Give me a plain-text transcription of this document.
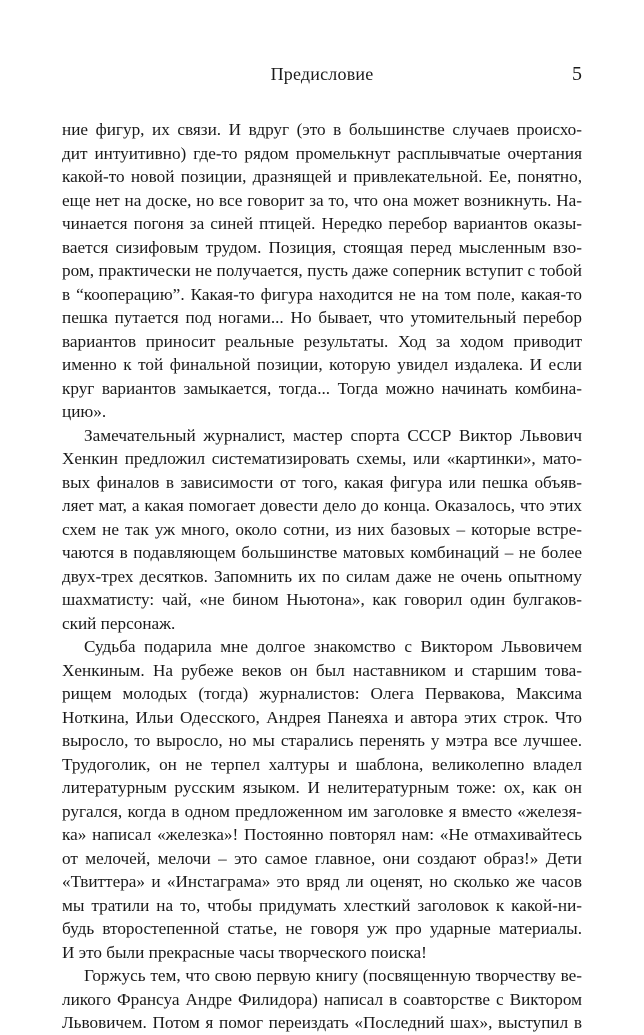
Предисловие	5
ние фигур, их связи. И вдруг (это в большинстве случаев происхо-
дит интуитивно) где-то рядом промелькнут расплывчатые очертания
какой-то новой позиции, дразнящей и привлекательной. Ее, понятно,
еще нет на доске, но все говорит за то, что она может возникнуть. На-
чинается погоня за синей птицей. Нередко перебор вариантов оказы-
вается сизифовым трудом. Позиция, стоящая перед мысленным взо-
ром, практически не получается, пусть даже соперник вступит с тобой
в “кооперацию”. Какая-то фигура находится не на том поле, какая-то
пешка путается под ногами... Но бывает, что утомительный перебор
вариантов приносит реальные результаты. Ход за ходом приводит
именно к той финальной позиции, которую увидел издалека. И если
круг вариантов замыкается, тогда... Тогда можно начинать комбина-
цию».
Замечательный журналист, мастер спорта СССР Виктор Львович
Хенкин предложил систематизировать схемы, или «картинки», мато-
вых финалов в зависимости от того, какая фигура или пешка объяв-
ляет мат, а какая помогает довести дело до конца. Оказалось, что этих
схем не так уж много, около сотни, из них базовых – которые встре-
чаются в подавляющем большинстве матовых комбинаций – не более
двух-трех десятков. Запомнить их по силам даже не очень опытному
шахматисту: чай, «не бином Ньютона», как говорил один булгаков-
ский персонаж.
Судьба подарила мне долгое знакомство с Виктором Львовичем
Хенкиным. На рубеже веков он был наставником и старшим това-
рищем молодых (тогда) журналистов: Олега Первакова, Максима
Ноткина, Ильи Одесского, Андрея Панеяха и автора этих строк. Что
выросло, то выросло, но мы старались перенять у мэтра все лучшее.
Трудоголик, он не терпел халтуры и шаблона, великолепно владел
литературным русским языком. И нелитературным тоже: ох, как он
ругался, когда в одном предложенном им заголовке я вместо «железя-
ка» написал «железка»! Постоянно повторял нам: «Не отмахивайтесь
от мелочей, мелочи – это самое главное, они создают образ!» Дети
«Твиттера» и «Инстаграма» это вряд ли оценят, но сколько же часов
мы тратили на то, чтобы придумать хлесткий заголовок к какой-ни-
будь второстепенной статье, не говоря уж про ударные материалы.
И это были прекрасные часы творческого поиска!
Горжусь тем, что свою первую книгу (посвященную творчеству ве-
ликого Франсуа Андре Филидора) написал в соавторстве с Виктором
Львовичем. Потом я помог переиздать «Последний шах», выступил в
